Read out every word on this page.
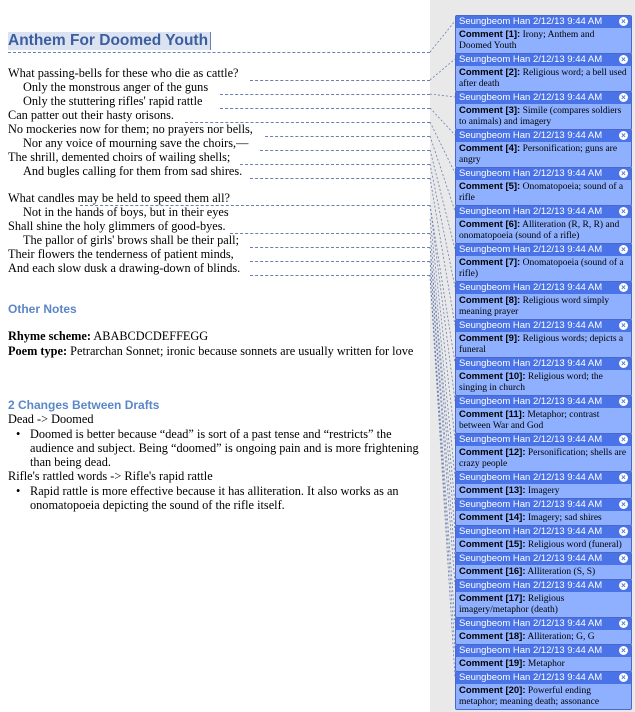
Anthem For Doomed Youth
What passing-bells for these who die as cattle?
Only the monstrous anger of the guns
Only the stuttering rifles' rapid rattle
Can patter out their hasty orisons.
No mockeries now for them; no prayers nor bells,
Nor any voice of mourning save the choirs,—
The shrill, demented choirs of wailing shells;
And bugles calling for them from sad shires.
What candles may be held to speed them all?
Not in the hands of boys, but in their eyes
Shall shine the holy glimmers of good-byes.
The pallor of girls' brows shall be their pall;
Their flowers the tenderness of patient minds,
And each slow dusk a drawing-down of blinds.
Other Notes
Rhyme scheme: ABABCDCDEFFEGG
Poem type: Petrarchan Sonnet; ironic because sonnets are usually written for love
2 Changes Between Drafts
Dead -> Doomed
• Doomed is better because “dead” is sort of a past tense and “restricts” the audience and subject. Being “doomed” is ongoing pain and is more frightening than being dead.
Rifle's rattled words -> Rifle's rapid rattle
• Rapid rattle is more effective because it has alliteration. It also works as an onomatopoeia depicting the sound of the rifle itself.
Seungbeom Han 2/12/13 9:44 AM ×
Comment [1]: Irony; Anthem and Doomed Youth
Seungbeom Han 2/12/13 9:44 AM ×
Comment [2]: Religious word; a bell used after death
Seungbeom Han 2/12/13 9:44 AM ×
Comment [3]: Simile (compares soldiers to animals) and imagery
Seungbeom Han 2/12/13 9:44 AM ×
Comment [4]: Personification; guns are angry
Seungbeom Han 2/12/13 9:44 AM ×
Comment [5]: Onomatopoeia; sound of a rifle
Seungbeom Han 2/12/13 9:44 AM ×
Comment [6]: Alliteration (R, R, R) and onomatopoeia (sound of a rifle)
Seungbeom Han 2/12/13 9:44 AM ×
Comment [7]: Onomatopoeia (sound of a rifle)
Seungbeom Han 2/12/13 9:44 AM ×
Comment [8]: Religious word simply meaning prayer
Seungbeom Han 2/12/13 9:44 AM ×
Comment [9]: Religious words; depicts a funeral
Seungbeom Han 2/12/13 9:44 AM ×
Comment [10]: Religious word; the singing in church
Seungbeom Han 2/12/13 9:44 AM ×
Comment [11]: Metaphor; contrast between War and God
Seungbeom Han 2/12/13 9:44 AM ×
Comment [12]: Personification; shells are crazy people
Seungbeom Han 2/12/13 9:44 AM ×
Comment [13]: Imagery
Seungbeom Han 2/12/13 9:44 AM ×
Comment [14]: Imagery; sad shires
Seungbeom Han 2/12/13 9:44 AM ×
Comment [15]: Religious word (funeral)
Seungbeom Han 2/12/13 9:44 AM ×
Comment [16]: Alliteration (S, S)
Seungbeom Han 2/12/13 9:44 AM ×
Comment [17]: Religious imagery/metaphor (death)
Seungbeom Han 2/12/13 9:44 AM ×
Comment [18]: Alliteration; G, G
Seungbeom Han 2/12/13 9:44 AM ×
Comment [19]: Metaphor
Seungbeom Han 2/12/13 9:44 AM ×
Comment [20]: Powerful ending metaphor; meaning death; assonance
